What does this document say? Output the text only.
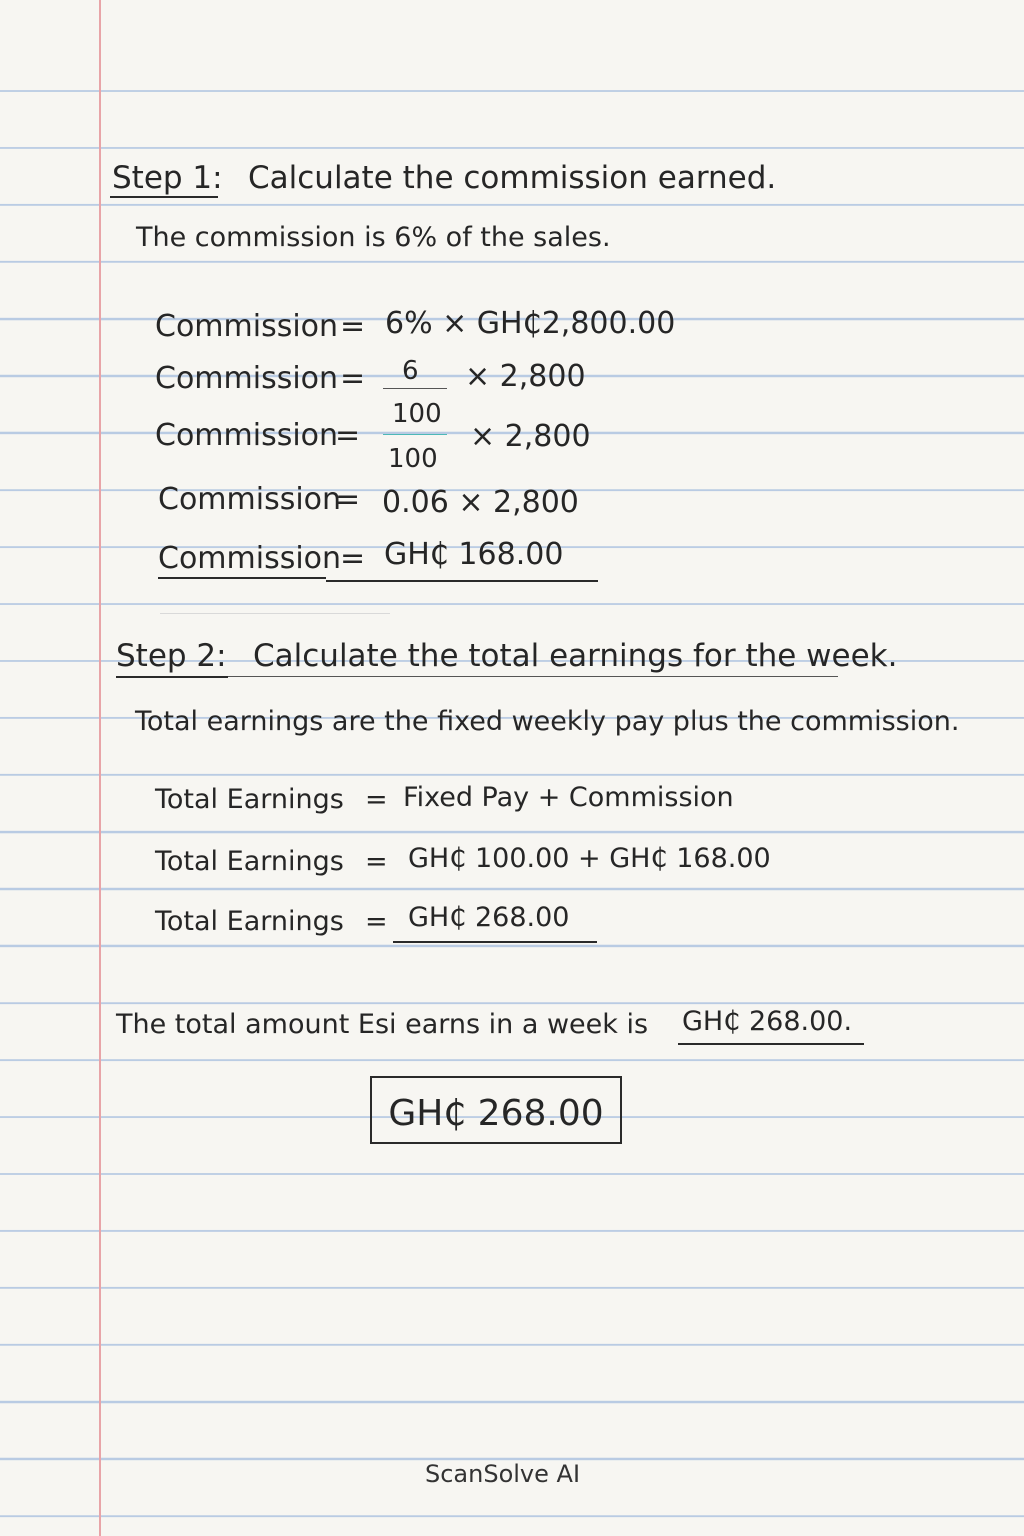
Step 1: Calculate the commission earned.
The commission is 6% of the sales.
Commission = 6% × GH₵2,800.00
Commission = 6
100
× 2,800
Commission
=
100
× 2,800
Commission
= 0.06 × 2,800
Commission
= GH₵ 168.00
Step 2: Calculate the total earnings for the week.
Total earnings are the fixed weekly pay plus the commission.
Total Earnings = Fixed Pay + Commission
Total Earnings = GH₵ 100.00 + GH₵ 168.00
Total Earnings = GH₵ 268.00
The total amount Esi earns in a week is GH₵ 268.00.
GH₵ 268.00
ScanSolve AI
